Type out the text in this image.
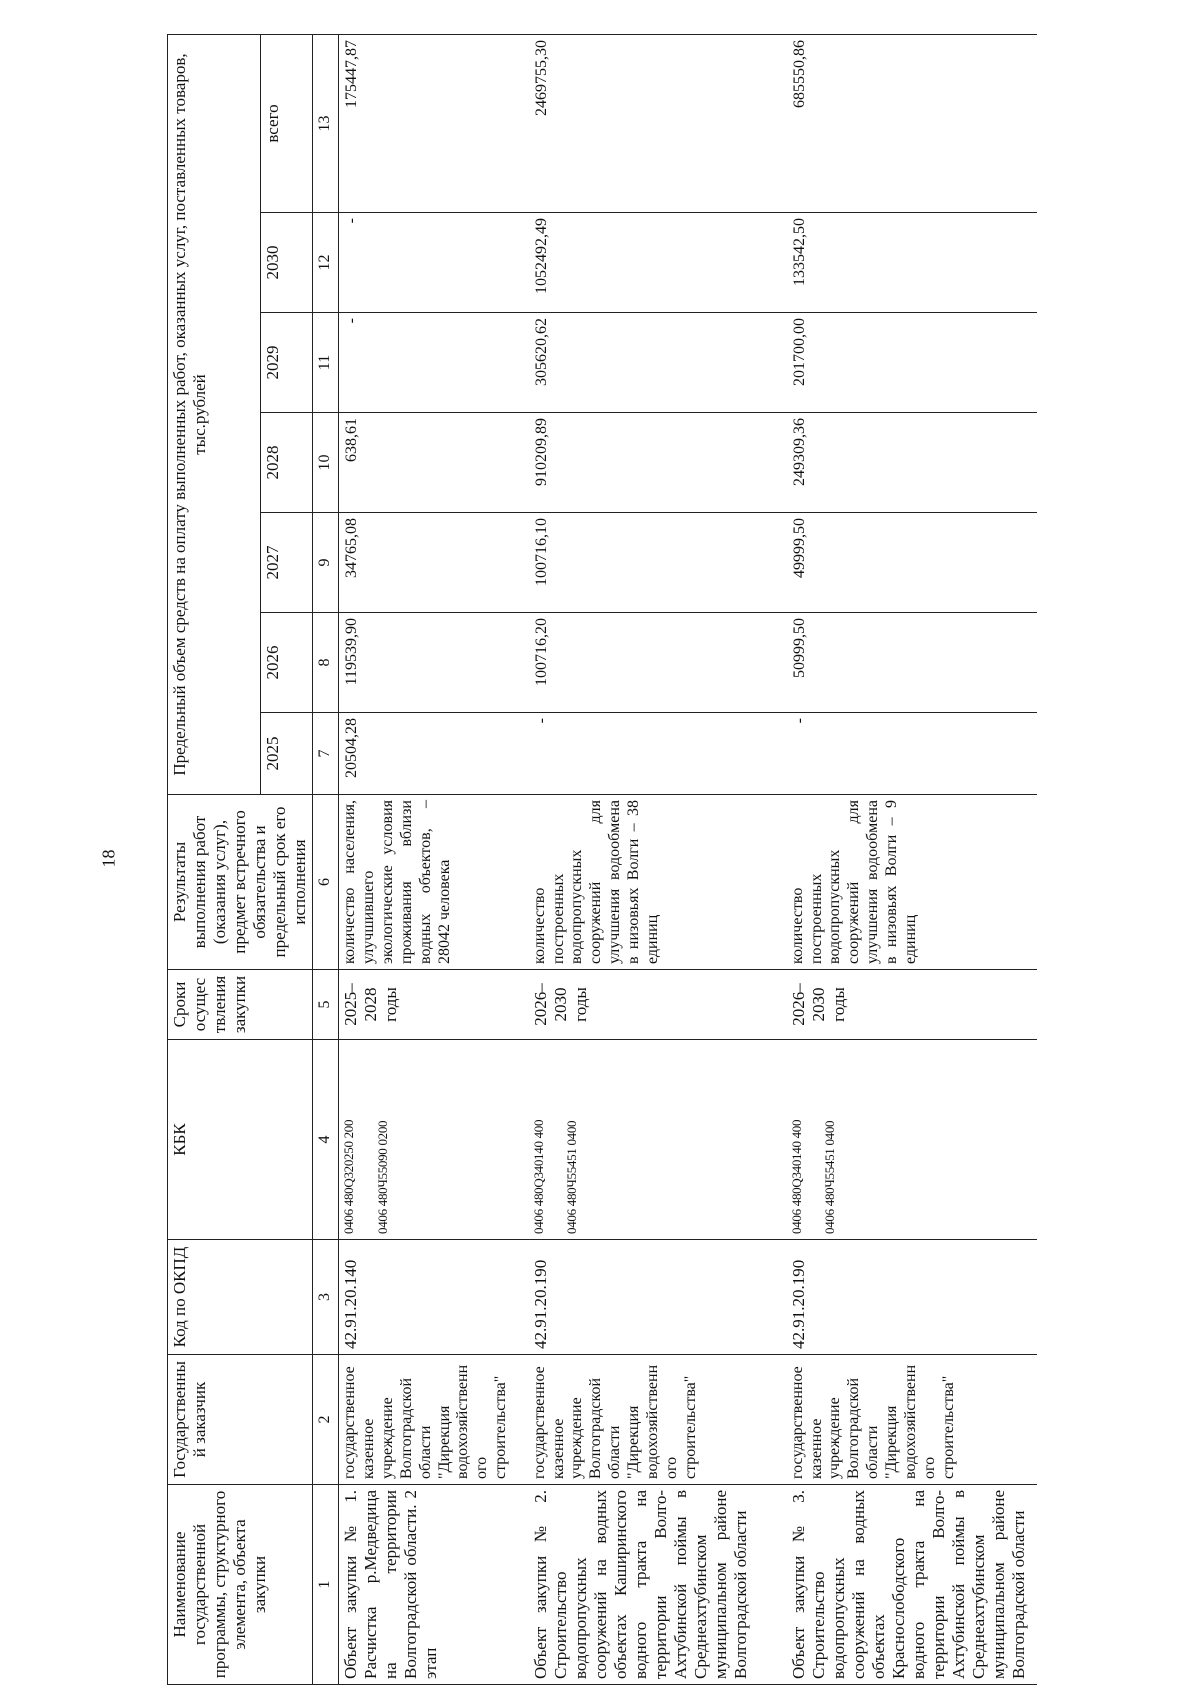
18
Наименование государственной программы, структурного элемента, объекта закупки	Государственный заказчик	Код по ОКПД	КБК	Сроки осуществления закупки	Результаты выполнения работ (оказания услуг), предмет встречного обязательства и предельный срок его исполнения	Предельный объем средств на оплату выполненных работ, оказанных услуг, поставленных товаров, тыс.рублей						
						2025	2026	2027	2028	2029	2030	всего
1	2	3	4	5	6	7	8	9	10	11	12	13
Объект закупки № 1. Расчистка р.Медведица на территории Волгоградской области. 2 этап	государственное казенное учреждение Волгоградской области "Дирекция водохозяйственного строительства"	42.91.20.140	0406 480Q320250 200 0406 480Ч55090 0200	2025–2028 годы	количество населения, улучшившего экологические условия проживания вблизи водных объектов, – 28042 человека	20504,28	119539,90	34765,08	638,61	-	-	175447,87
Объект закупки № 2. Строительство водопропускных сооружений на водных объектах Каширинского водного тракта на территории Волго-Ахтубинской поймы в Среднеахтубинском муниципальном районе Волгоградской области	государственное казенное учреждение Волгоградской области "Дирекция водохозяйственного строительства"	42.91.20.190	0406 480Q340140 400 0406 480Ч55451 0400	2026–2030 годы	количество построенных водопропускных сооружений для улучшения водообмена в низовьях Волги – 38 единиц	-	100716,20	100716,10	910209,89	305620,62	1052492,49	2469755,30
Объект закупки № 3. Строительство водопропускных сооружений на водных объектах Краснослободского водного тракта на территории Волго-Ахтубинской поймы в Среднеахтубинском муниципальном районе Волгоградской области	государственное казенное учреждение Волгоградской области "Дирекция водохозяйственного строительства"	42.91.20.190	0406 480Q340140 400 0406 480Ч55451 0400	2026–2030 годы	количество построенных водопропускных сооружений для улучшения водообмена в низовьях Волги – 9 единиц	-	50999,50	49999,50	249309,36	201700,00	133542,50	685550,86
